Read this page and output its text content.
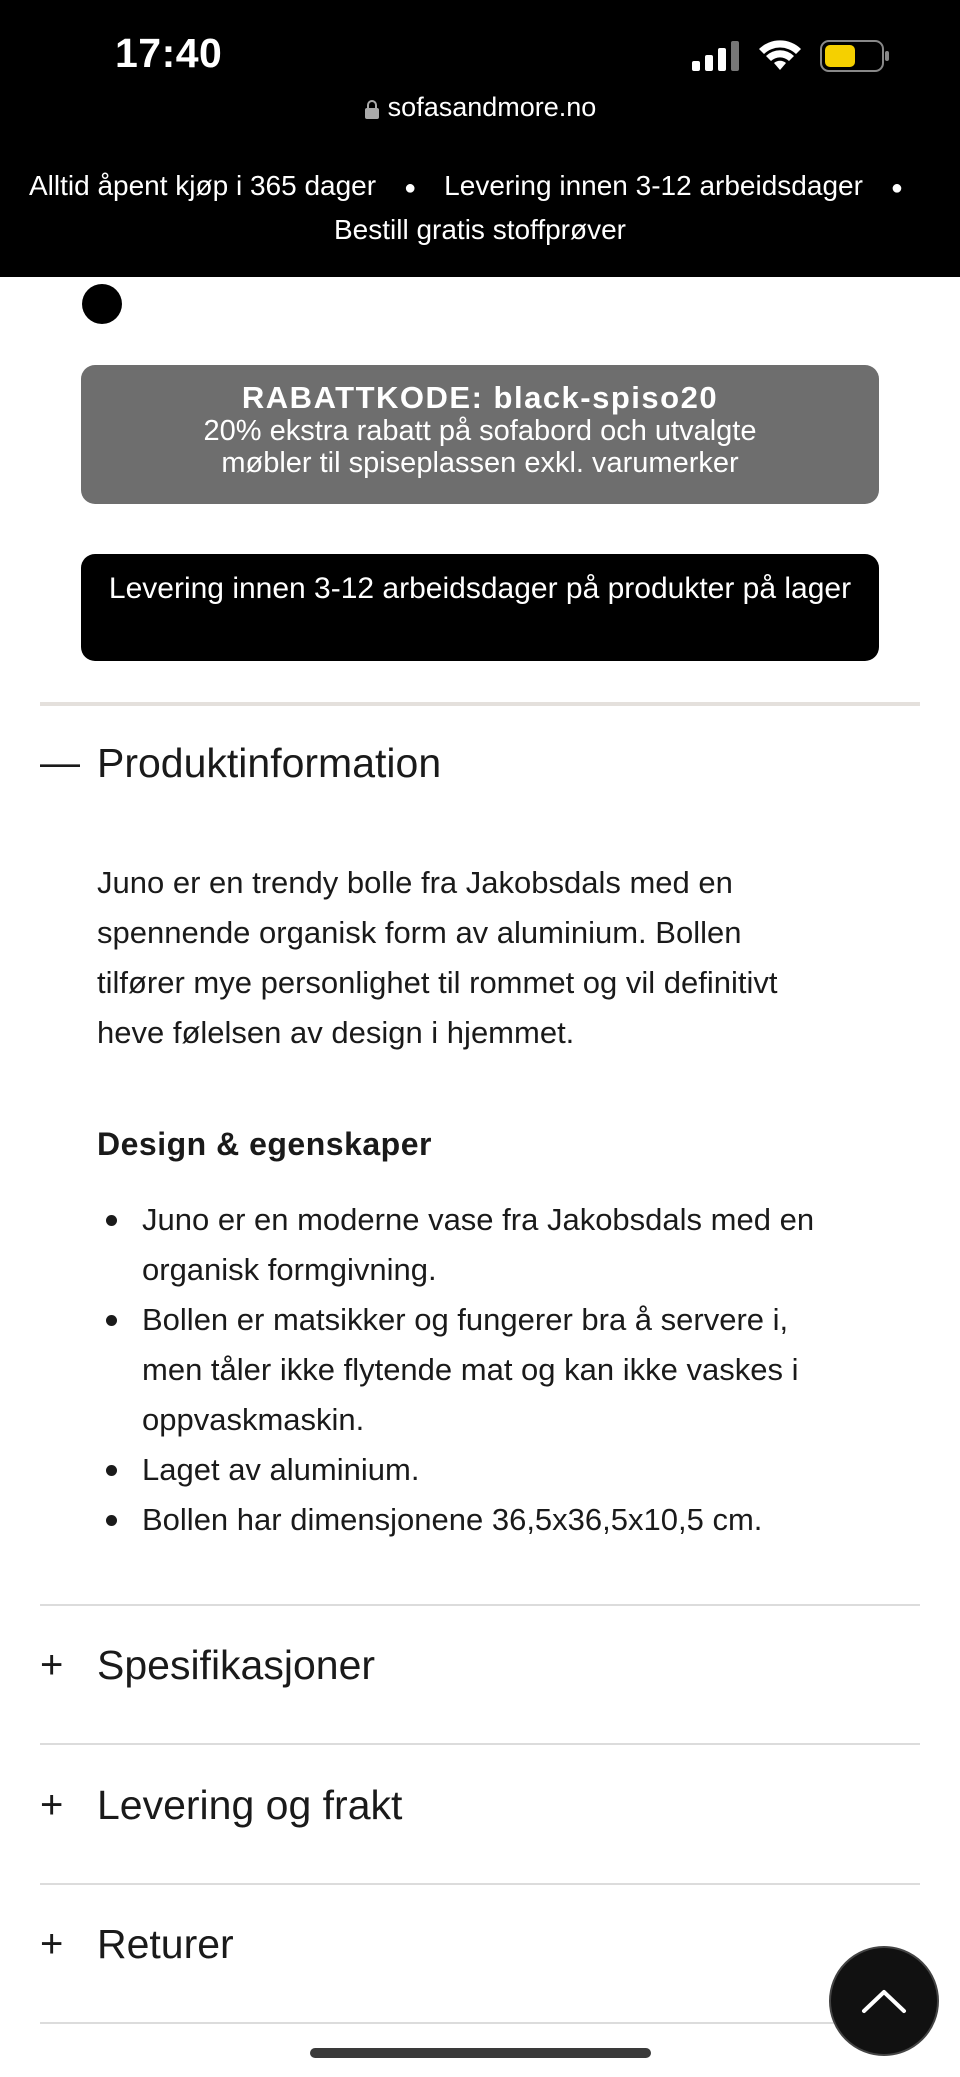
17:40
sofasandmore.no
Alltid åpent kjøp i 365 dager ● Levering innen 3-12 arbeidsdager ●
Bestill gratis stoffprøver
RABATTKODE: black-spiso20
20% ekstra rabatt på sofabord och utvalgte
møbler til spiseplassen exkl. varumerker
Levering innen 3-12 arbeidsdager på produkter på lager
— Produktinformation
Juno er en trendy bolle fra Jakobsdals med en
spennende organisk form av aluminium. Bollen
tilfører mye personlighet til rommet og vil definitivt
heve følelsen av design i hjemmet.
Design & egenskaper
Juno er en moderne vase fra Jakobsdals med en
organisk formgivning.
Bollen er matsikker og fungerer bra å servere i,
men tåler ikke flytende mat og kan ikke vaskes i
oppvaskmaskin.
Laget av aluminium.
Bollen har dimensjonene 36,5x36,5x10,5 cm.
+ Spesifikasjoner
+ Levering og frakt
+ Returer
